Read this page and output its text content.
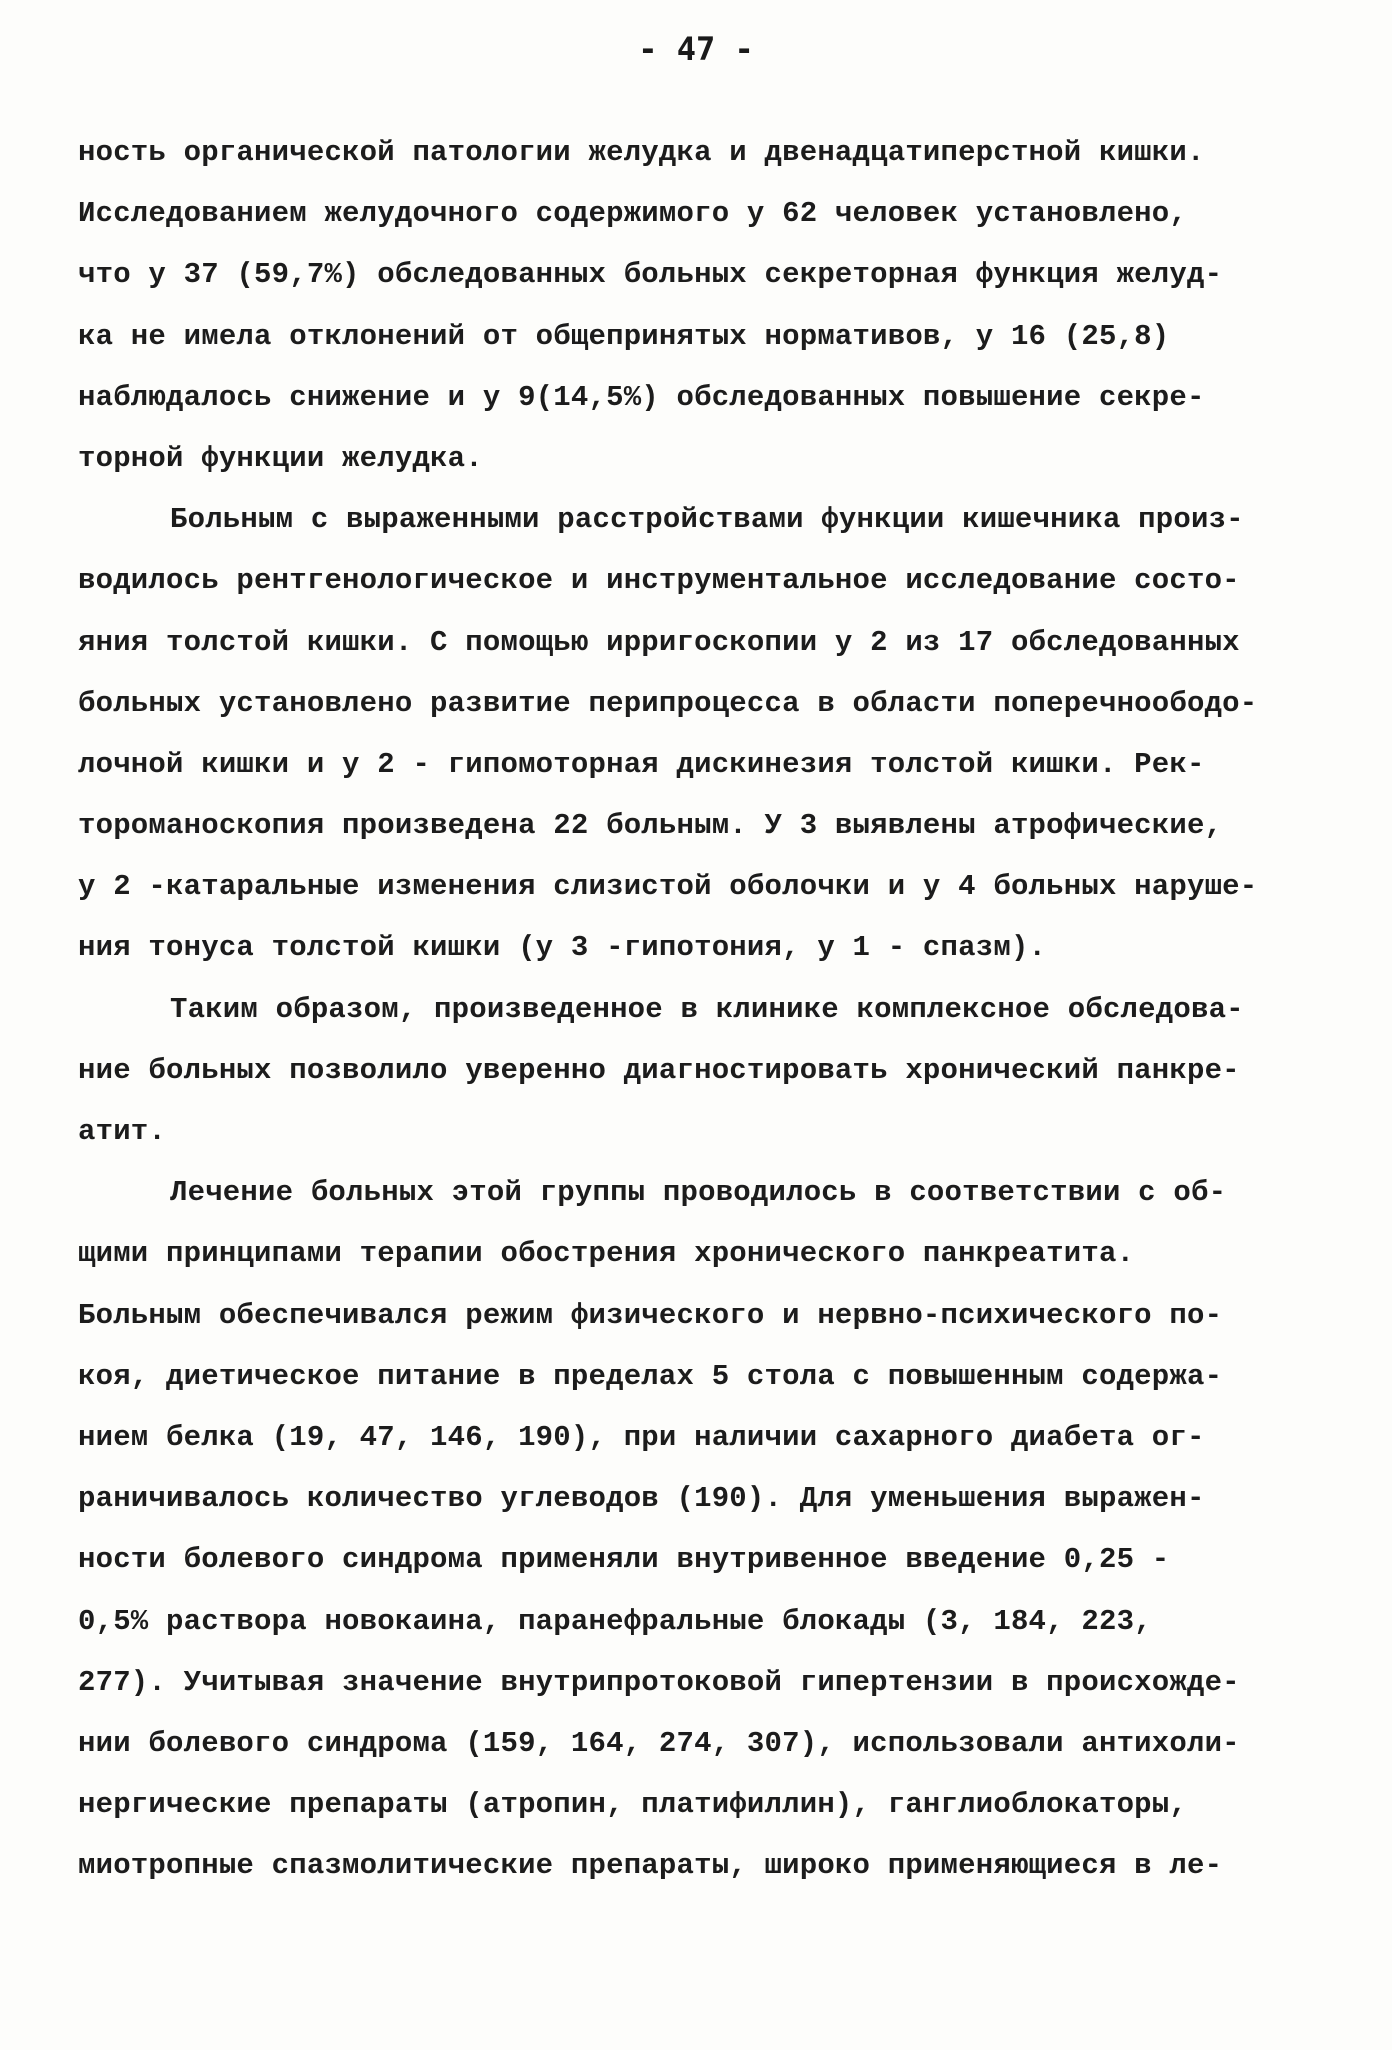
- 47 -
ность органической патологии желудка и двенадцатиперстной кишки.
Исследованием желудочного содержимого у 62 человек установлено,
что у 37 (59,7%) обследованных больных секреторная функция желуд-
ка не имела отклонений от общепринятых нормативов, у 16 (25,8)
наблюдалось снижение и у 9(14,5%) обследованных повышение секре-
торной функции желудка.
Больным с выраженными расстройствами функции кишечника произ-
водилось рентгенологическое и инструментальное исследование состо-
яния толстой кишки. С помощью ирригоскопии у 2 из 17 обследованных
больных установлено развитие перипроцесса в области поперечноободо-
лочной кишки и у 2 - гипомоторная дискинезия толстой кишки. Рек-
тороманоскопия произведена 22 больным. У 3 выявлены атрофические,
у 2 -катаральные изменения слизистой оболочки и у 4 больных наруше-
ния тонуса толстой кишки (у 3 -гипотония, у 1 - спазм).
Таким образом, произведенное в клинике комплексное обследова-
ние больных позволило уверенно диагностировать хронический панкре-
атит.
Лечение больных этой группы проводилось в соответствии с об-
щими принципами терапии обострения хронического панкреатита.
Больным обеспечивался режим физического и нервно-психического по-
коя, диетическое питание в пределах 5 стола с повышенным содержа-
нием белка (19, 47, 146, 190), при наличии сахарного диабета ог-
раничивалось количество углеводов (190). Для уменьшения выражен-
ности болевого синдрома применяли внутривенное введение 0,25 -
0,5% раствора новокаина, паранефральные блокады (3, 184, 223,
277). Учитывая значение внутрипротоковой гипертензии в происхожде-
нии болевого синдрома (159, 164, 274, 307), использовали антихоли-
нергические препараты (атропин, платифиллин), ганглиоблокаторы,
миотропные спазмолитические препараты, широко применяющиеся в ле-
